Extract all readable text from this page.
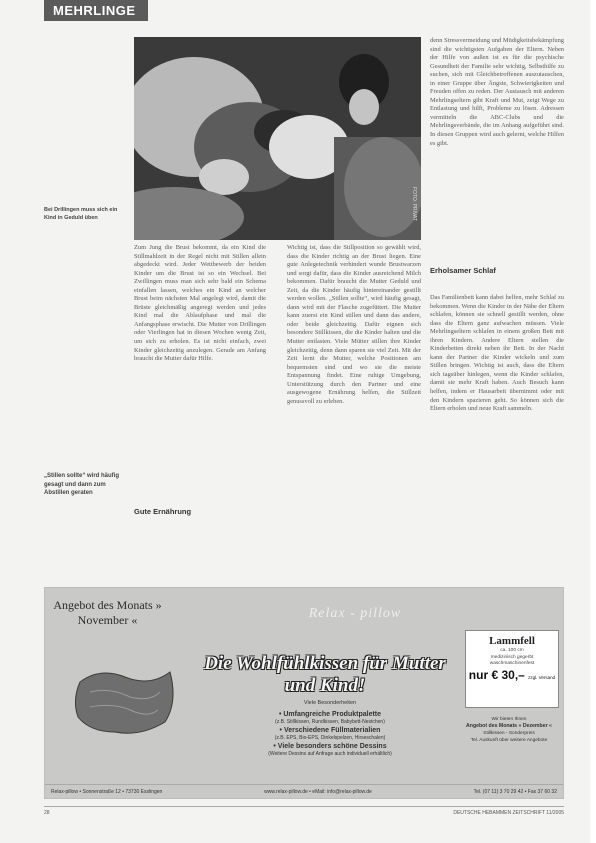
MEHRLINGE
FOTO: PRIVAT
Bei Drillingen muss sich ein Kind in Geduld üben
„Stillen sollte“ wird häufig gesagt und dann zum Abstillen geraten

denn Stressvermeidung und Müdigkeitsbekämpfung sind die wichtigsten Aufgaben der Eltern. Neben der Hilfe von außen ist es für die psychische Gesundheit der Familie sehr wichtig, Selbsthilfe zu suchen, sich mit Gleichbetroffenen auszutauschen, in einer Gruppe über Ängste, Schwierigkeiten und Freuden offen zu reden. Der Austausch mit anderen Mehrlingseltern gibt Kraft und Mut, zeigt Wege zu Entlastung und hilft, Probleme zu lösen. Adressen vermitteln die ABC-Clubs und die Mehrlingsverbände, die im Anhang aufgeführt sind. In diesen Gruppen wird auch gelernt, welche Hilfen es gibt.

Zum Jung die Brust bekommt, da ein Kind die Stillmahlzeit in der Regel nicht mit Stillen allein abgedeckt wird. Jeder Wettbewerb der beiden Kinder um die Brust ist so ein Wechsel. Bei Zwillingen muss man sich sehr bald ein Schema einfallen lassen, welches ein Kind an welcher Brust beim nächsten Mal angelegt wird, damit die Brüste gleichmäßig angeregt werden und jedes Kind mal die Ablaufphase und mal die Anfangsphase erwischt. Die Mutter von Drillingen oder Vierlingen hat in diesen Wochen wenig Zeit, um sich zu erholen. Es ist nicht einfach, zwei Kinder gleichzeitig anzulegen. Gerade am Anfang braucht die Mutter dafür Hilfe.

Gute Ernährung

Wichtig ist, dass die Stillposition so gewählt wird, dass die Kinder richtig an der Brust liegen. Eine gute Anlegetechnik verhindert wunde Brustwarzen und sorgt dafür, dass die Kinder ausreichend Milch bekommen. Dafür braucht die Mutter Geduld und Zeit, da die Kinder häufig hintereinander gestillt werden wollen. „Stillen sollte“, wird häufig gesagt, dann wird mit der Flasche zugefüttert. Die Mutter kann zuerst ein Kind stillen und dann das andere, oder beide gleichzeitig. Dafür eignen sich besondere Stillkissen, die die Kinder halten und die Mutter entlasten. Viele Mütter stillen ihre Kinder gleichzeitig, denn dann sparen sie viel Zeit. Mit der Zeit lernt die Mutter, welche Positionen am bequemsten sind und wo sie die meiste Entspannung findet. Eine ruhige Umgebung, Unterstützung durch den Partner und eine ausgewogene Ernährung helfen, die Stillzeit genussvoll zu erleben.

Erholsamer Schlaf

Das Familienbett kann dabei helfen, mehr Schlaf zu bekommen. Wenn die Kinder in der Nähe der Eltern schlafen, können sie schnell gestillt werden, ohne dass die Eltern ganz aufwachen müssen. Viele Mehrlingseltern schlafen in einem großen Bett mit ihren Kindern. Andere Eltern stellen die Kinderbetten direkt neben ihr Bett. In der Nacht kann der Partner die Kinder wickeln und zum Stillen bringen. Wichtig ist auch, dass die Eltern sich tagsüber hinlegen, wenn die Kinder schlafen, damit sie mehr Kraft haben. Auch Besuch kann helfen, indem er Hausarbeit übernimmt oder mit den Kindern spazieren geht. So können sich die Eltern erholen und neue Kraft sammeln.

Angebot des Monats » November «	Relax - pillow
Die Wohlfühlkissen für Mutter und Kind!
Viele Besonderheiten
• Umfangreiche Produktpalette
(z.B. Stillkissen, Rundkissen, Babybett-Nestchen)
• Verschiedene Füllmaterialien
(z.B. EPS, Bio-EPS, Dinkelspelzen, Hirseschalen)
• Viele besonders schöne Dessins
(Weitere Dessins auf Anfrage auch individuell erhältlich)
Lammfell
ca. 100 cm
medizinisch gegerbt
waschmaschinenfest
nur € 30,– zzgl. Versand
Wir bieten Ihnen
Angebot des Monats » Dezember «
Stillkissen - Sonderpreis
Tel. Auskunft über weitere Angebote
Relax-pillow • Sonnenstraße 12 • 73730 Esslingen	www.relax-pillow.de • eMail: info@relax-pillow.de	Tel. (07 11) 3 70 29 42 • Fax 37 60 32
28	DEUTSCHE HEBAMMEN ZEITSCHRIFT 11/2005
